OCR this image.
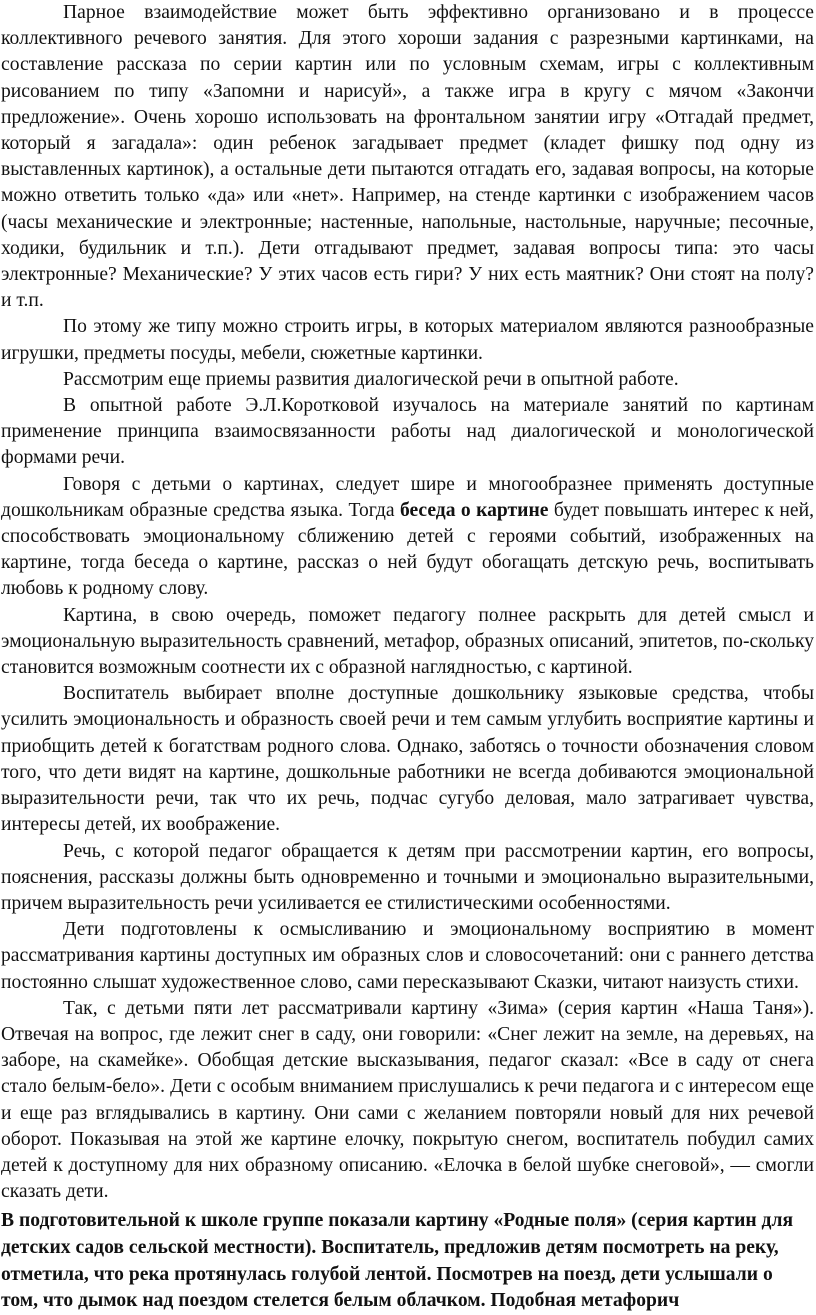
Парное взаимодействие может быть эффективно организовано и в процессе коллективного речевого занятия. Для этого хороши задания с разрезными картинками, на составление рассказа по серии картин или по условным схемам, игры с коллективным рисованием по типу «Запомни и нарисуй», а также игра в кругу с мячом «Закончи предложение». Очень хорошо использовать на фронтальном занятии игру «Отгадай предмет, который я загадала»: один ребенок загадывает предмет (кладет фишку под одну из выставленных картинок), а остальные дети пытаются отгадать его, задавая вопросы, на которые можно ответить только «да» или «нет». Например, на стенде картинки с изображением часов (часы механические и электронные; настенные, напольные, настольные, наручные; песочные, ходики, будильник и т.п.). Дети отгадывают предмет, задавая вопросы типа: это часы электронные? Механические? У этих часов есть гири? У них есть маятник? Они стоят на полу? и т.п.

По этому же типу можно строить игры, в которых материалом являются разнообразные игрушки, предметы посуды, мебели, сюжетные картинки.

Рассмотрим еще приемы развития диалогической речи в опытной работе.

В опытной работе Э.Л.Коротковой изучалось на материале занятий по картинам применение принципа взаимосвязанности работы над диалогической и монологической формами речи.

Говоря с детьми о картинах, следует шире и многообразнее применять доступные дошкольникам образные средства языка. Тогда беседа о картине будет повышать интерес к ней, способствовать эмоциональному сближению детей с героями событий, изображенных на картине, тогда беседа о картине, рассказ о ней будут обогащать детскую речь, воспитывать любовь к родному слову.

Картина, в свою очередь, поможет педагогу полнее раскрыть для детей смысл и эмоциональную выразительность сравнений, метафор, образных описаний, эпитетов, по-скольку становится возможным соотнести их с образной наглядностью, с картиной.

Воспитатель выбирает вполне доступные дошкольнику языковые средства, чтобы усилить эмоциональность и образность своей речи и тем самым углубить восприятие картины и приобщить детей к богатствам родного слова. Однако, заботясь о точности обозначения словом того, что дети видят на картине, дошкольные работники не всегда добиваются эмоциональной выразительности речи, так что их речь, подчас сугубо деловая, мало затрагивает чувства, интересы детей, их воображение.

Речь, с которой педагог обращается к детям при рассмотрении картин, его вопросы, пояснения, рассказы должны быть одновременно и точными и эмоционально выразительными, причем выразительность речи усиливается ее стилистическими особенностями.

Дети подготовлены к осмысливанию и эмоциональному восприятию в момент рассматривания картины доступных им образных слов и словосочетаний: они с раннего детства постоянно слышат художественное слово, сами пересказывают Сказки, читают наизусть стихи.

Так, с детьми пяти лет рассматривали картину «Зима» (серия картин «Наша Таня»). Отвечая на вопрос, где лежит снег в саду, они говорили: «Снег лежит на земле, на деревьях, на заборе, на скамейке». Обобщая детские высказывания, педагог сказал: «Все в саду от снега стало белым-бело». Дети с особым вниманием прислушались к речи педагога и с интересом еще и еще раз вглядывались в картину. Они сами с желанием повторяли новый для них речевой оборот. Показывая на этой же картине елочку, покрытую снегом, воспитатель побудил самих детей к доступному для них образному описанию. «Елочка в белой шубке снеговой», — смогли сказать дети.

В подготовительной к школе группе показали картину «Родные поля» (серия картин для детских садов сельской местности). Воспитатель, предложив детям посмотреть на реку, отметила, что река протянулась голубой лентой. Посмотрев на поезд, дети услышали о том, что дымок над поездом стелется белым облачком. Подобная метафорич
